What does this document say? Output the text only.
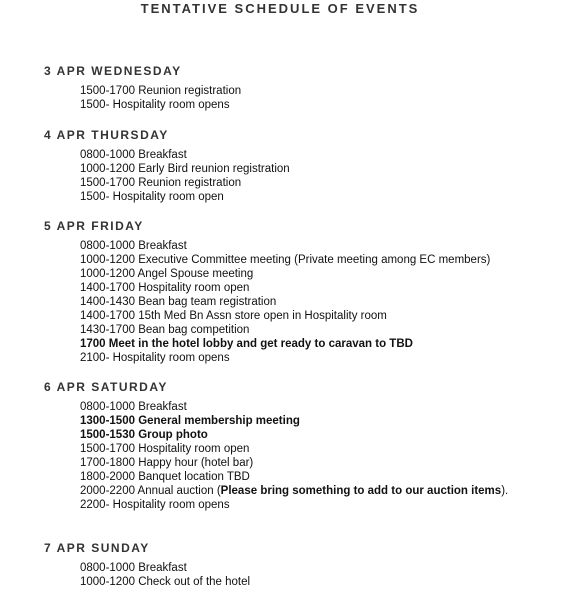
TENTATIVE SCHEDULE OF EVENTS
3 APR WEDNESDAY
1500-1700 Reunion registration
1500- Hospitality room opens
4 APR THURSDAY
0800-1000 Breakfast
1000-1200 Early Bird reunion registration
1500-1700 Reunion registration
1500- Hospitality room open
5 APR FRIDAY
0800-1000 Breakfast
1000-1200 Executive Committee meeting (Private meeting among EC members)
1000-1200 Angel Spouse meeting
1400-1700 Hospitality room open
1400-1430 Bean bag team registration
1400-1700 15th Med Bn Assn store open in Hospitality room
1430-1700 Bean bag competition
1700 Meet in the hotel lobby and get ready to caravan to TBD
2100- Hospitality room opens
6 APR SATURDAY
0800-1000 Breakfast
1300-1500 General membership meeting
1500-1530 Group photo
1500-1700 Hospitality room open
1700-1800 Happy hour (hotel bar)
1800-2000 Banquet location TBD
2000-2200 Annual auction (Please bring something to add to our auction items).
2200- Hospitality room opens
7 APR SUNDAY
0800-1000 Breakfast
1000-1200 Check out of the hotel
